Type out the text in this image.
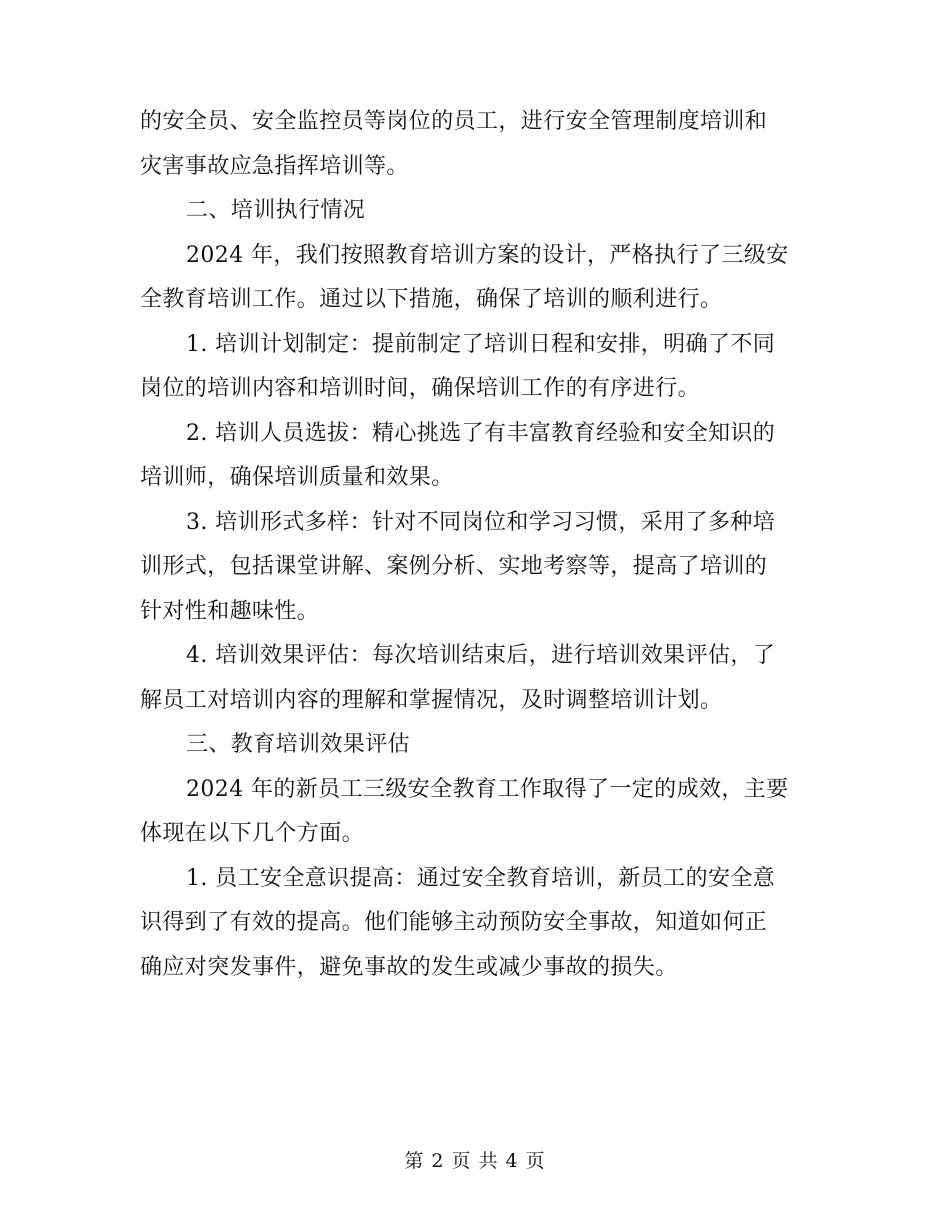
的安全员、安全监控员等岗位的员工，进行安全管理制度培训和
灾害事故应急指挥培训等。
二、培训执行情况
2024 年，我们按照教育培训方案的设计，严格执行了三级安
全教育培训工作。通过以下措施，确保了培训的顺利进行。
1. 培训计划制定：提前制定了培训日程和安排，明确了不同
岗位的培训内容和培训时间，确保培训工作的有序进行。
2. 培训人员选拔：精心挑选了有丰富教育经验和安全知识的
培训师，确保培训质量和效果。
3. 培训形式多样：针对不同岗位和学习习惯，采用了多种培
训形式，包括课堂讲解、案例分析、实地考察等，提高了培训的
针对性和趣味性。
4. 培训效果评估：每次培训结束后，进行培训效果评估，了
解员工对培训内容的理解和掌握情况，及时调整培训计划。
三、教育培训效果评估
2024 年的新员工三级安全教育工作取得了一定的成效，主要
体现在以下几个方面。
1. 员工安全意识提高：通过安全教育培训，新员工的安全意
识得到了有效的提高。他们能够主动预防安全事故，知道如何正
确应对突发事件，避免事故的发生或减少事故的损失。
第 2 页 共 4 页
